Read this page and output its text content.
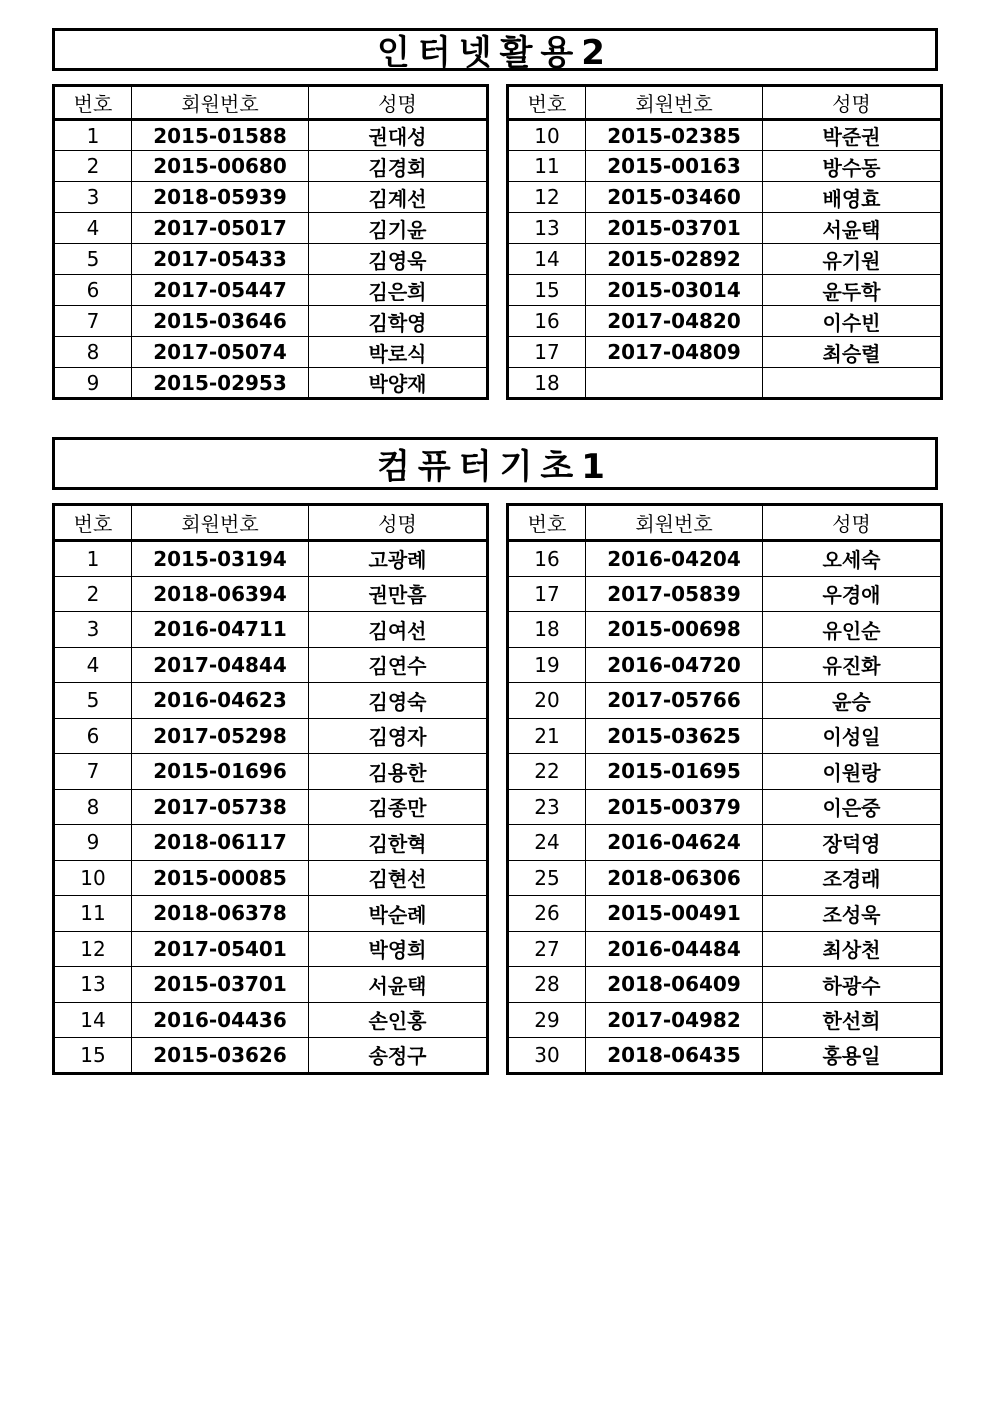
인터넷활용2
번호	회원번호	성명
1	2015-01588	권대성
2	2015-00680	김경회
3	2018-05939	김계선
4	2017-05017	김기윤
5	2017-05433	김영욱
6	2017-05447	김은희
7	2015-03646	김학영
8	2017-05074	박로식
9	2015-02953	박양재
번호	회원번호	성명
10	2015-02385	박준권
11	2015-00163	방수동
12	2015-03460	배영효
13	2015-03701	서윤택
14	2015-02892	유기원
15	2015-03014	윤두학
16	2017-04820	이수빈
17	2017-04809	최승렬
18		
컴퓨터기초1
번호	회원번호	성명
1	2015-03194	고광례
2	2018-06394	권만흠
3	2016-04711	김여선
4	2017-04844	김연수
5	2016-04623	김영숙
6	2017-05298	김영자
7	2015-01696	김용한
8	2017-05738	김종만
9	2018-06117	김한혁
10	2015-00085	김현선
11	2018-06378	박순례
12	2017-05401	박영희
13	2015-03701	서윤택
14	2016-04436	손인홍
15	2015-03626	송정구
번호	회원번호	성명
16	2016-04204	오세숙
17	2017-05839	우경애
18	2015-00698	유인순
19	2016-04720	유진화
20	2017-05766	윤승
21	2015-03625	이성일
22	2015-01695	이원랑
23	2015-00379	이은중
24	2016-04624	장덕영
25	2018-06306	조경래
26	2015-00491	조성욱
27	2016-04484	최상천
28	2018-06409	하광수
29	2017-04982	한선희
30	2018-06435	홍용일
